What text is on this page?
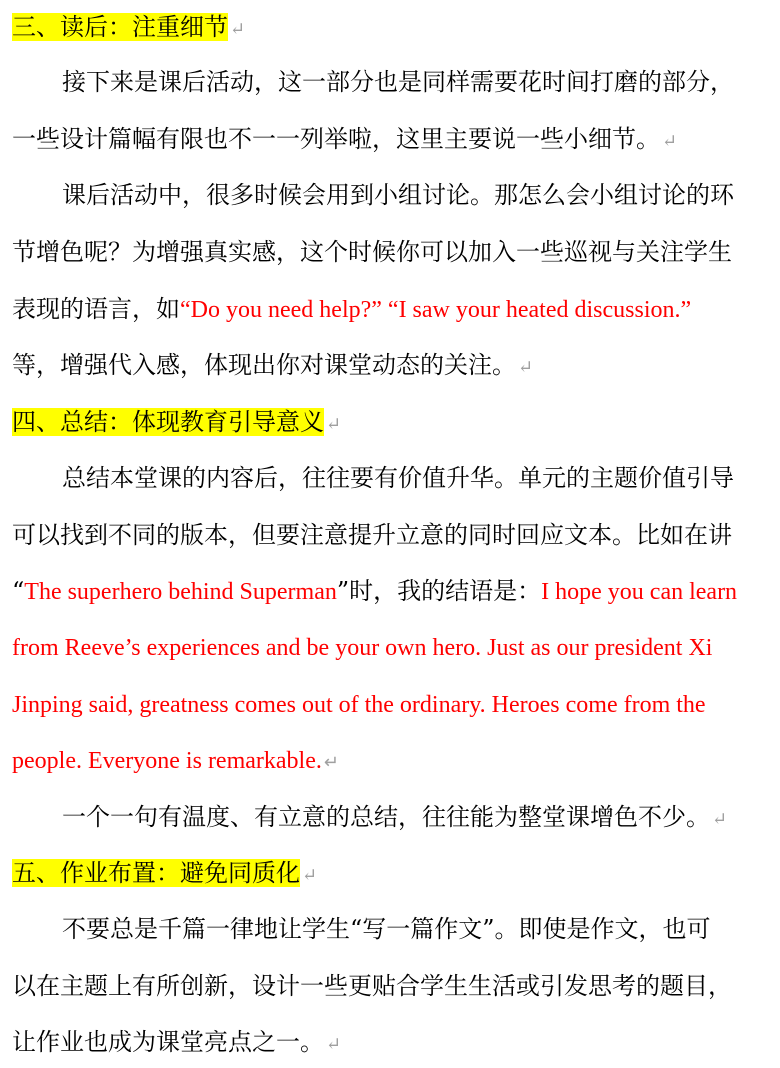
三、读后：注重细节 ↵
接下来是课后活动，这一部分也是同样需要花时间打磨的部分，
一些设计篇幅有限也不一一列举啦，这里主要说一些小细节。 ↵
课后活动中，很多时候会用到小组讨论。那怎么会小组讨论的环
节增色呢？为增强真实感，这个时候你可以加入一些巡视与关注学生
表现的语言，如“Do you need help?” “I saw your heated discussion.”
等，增强代入感，体现出你对课堂动态的关注。 ↵
四、总结：体现教育引导意义 ↵
总结本堂课的内容后，往往要有价值升华。单元的主题价值引导
可以找到不同的版本，但要注意提升立意的同时回应文本。比如在讲
“The superhero behind Superman”时，我的结语是：I hope you can learn
from Reeve’s experiences and be your own hero. Just as our president Xi
Jinping said, greatness comes out of the ordinary. Heroes come from the
people. Everyone is remarkable. ↵
一个一句有温度、有立意的总结，往往能为整堂课增色不少。 ↵
五、作业布置：避免同质化 ↵
不要总是千篇一律地让学生“写一篇作文”。即使是作文，也可
以在主题上有所创新，设计一些更贴合学生生活或引发思考的题目，
让作业也成为课堂亮点之一。 ↵
